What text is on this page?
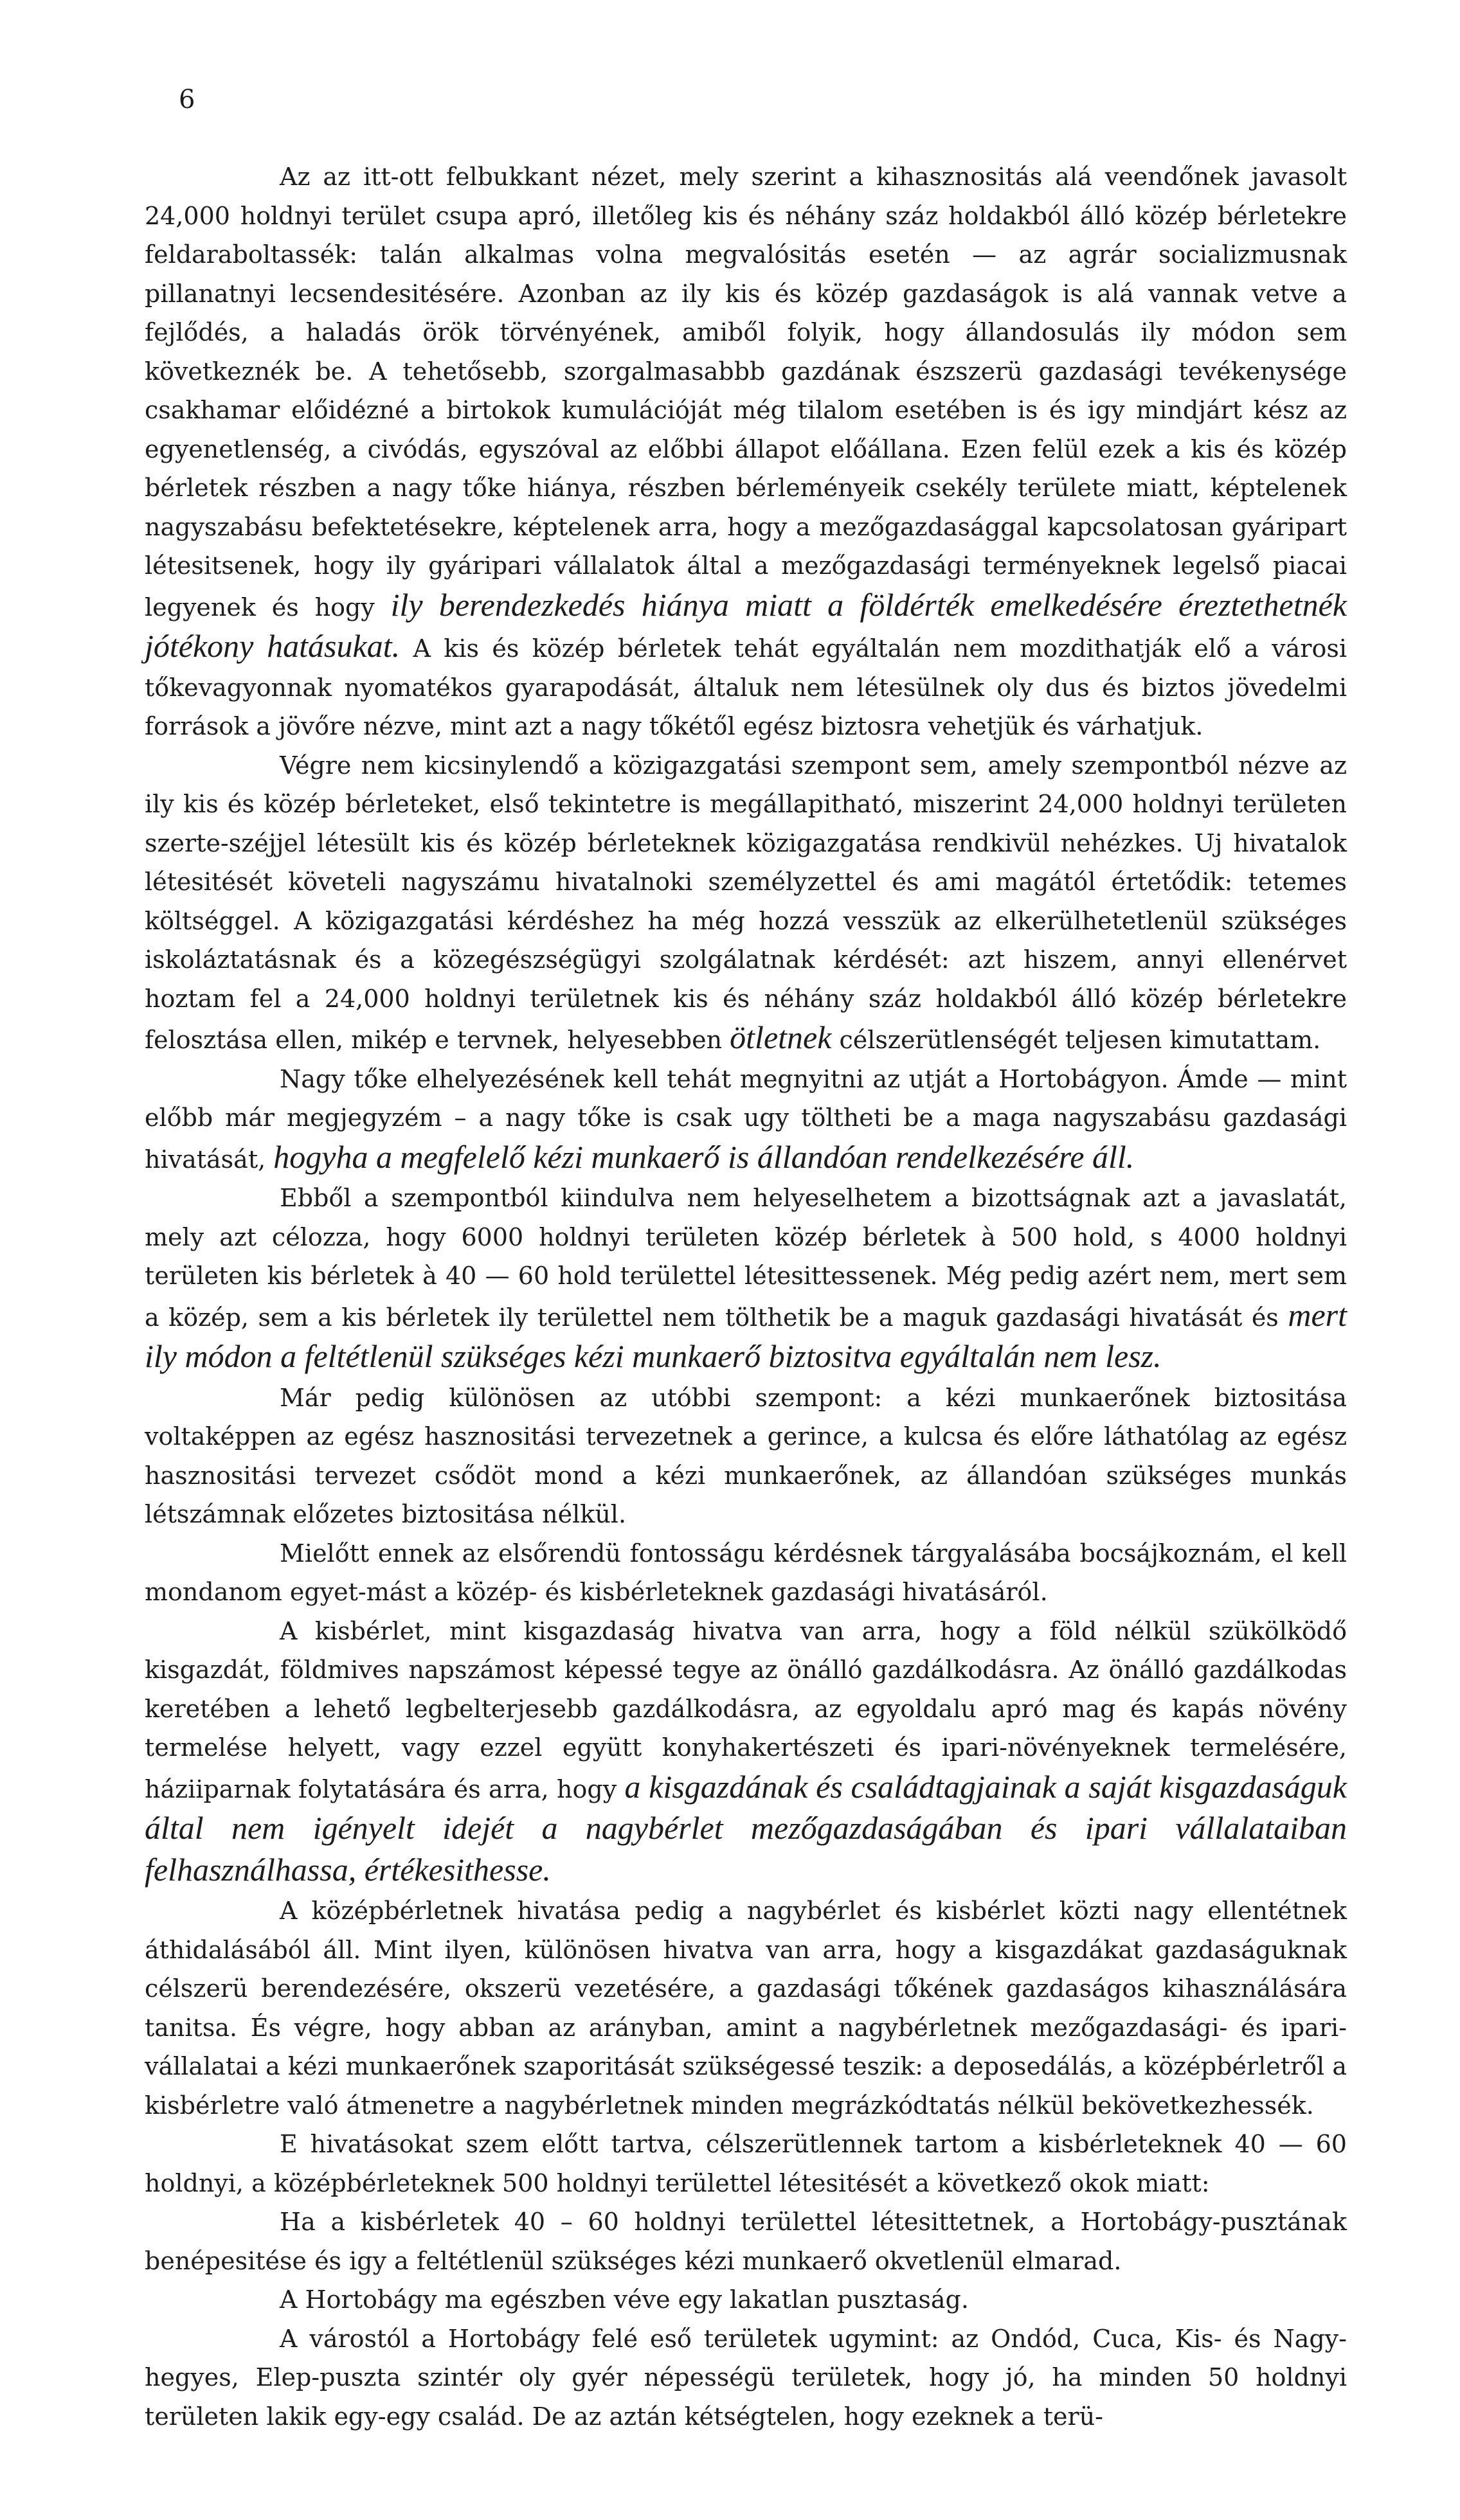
6

Az az itt-ott felbukkant nézet, mely szerint a kihasznositás alá veendőnek javasolt 24,000 holdnyi terület csupa apró, illetőleg kis és néhány száz holdakból álló közép bérletekre feldaraboltassék: talán alkalmas volna megvalósitás esetén — az agrár socializmusnak pillanatnyi lecsendesitésére. Azonban az ily kis és közép gazdaságok is alá vannak vetve a fejlődés, a haladás örök törvényének, amiből folyik, hogy állandosulás ily módon sem következnék be. A tehetősebb, szorgalmasabbb gazdának észszerü gazdasági tevékenysége csakhamar előidézné a birtokok kumulációját még tilalom esetében is és igy mindjárt kész az egyenetlenség, a civódás, egyszóval az előbbi állapot előállana. Ezen felül ezek a kis és közép bérletek részben a nagy tőke hiánya, részben bérleményeik csekély területe miatt, képtelenek nagyszabásu befektetésekre, képtelenek arra, hogy a mezőgazdasággal kapcsolatosan gyáripart létesitsenek, hogy ily gyáripari vállalatok által a mezőgazdasági terményeknek legelső piacai legyenek és hogy ily berendezkedés hiánya miatt a földérték emelkedésére éreztethetnék jótékony hatásukat. A kis és közép bérletek tehát egyáltalán nem mozdithatják elő a városi tőkevagyonnak nyomatékos gyarapodását, általuk nem létesülnek oly dus és biztos jövedelmi források a jövőre nézve, mint azt a nagy tőkétől egész biztosra vehetjük és várhatjuk.

Végre nem kicsinylendő a közigazgatási szempont sem, amely szempontból nézve az ily kis és közép bérleteket, első tekintetre is megállapitható, miszerint 24,000 holdnyi területen szerte-széjjel létesült kis és közép bérleteknek közigazgatása rendkivül nehézkes. Uj hivatalok létesitését követeli nagyszámu hivatalnoki személyzettel és ami magától értetődik: tetemes költséggel. A közigazgatási kérdéshez ha még hozzá vesszük az elkerülhetetlenül szükséges iskoláztatásnak és a közegészségügyi szolgálatnak kérdését: azt hiszem, annyi ellenérvet hoztam fel a 24,000 holdnyi területnek kis és néhány száz holdakból álló közép bérletekre felosztása ellen, mikép e tervnek, helyesebben ötletnek célszerütlenségét teljesen kimutattam.

Nagy tőke elhelyezésének kell tehát megnyitni az utját a Hortobágyon. Ámde — mint előbb már megjegyzém – a nagy tőke is csak ugy töltheti be a maga nagyszabásu gazdasági hivatását, hogyha a megfelelő kézi munkaerő is állandóan rendelkezésére áll.

Ebből a szempontból kiindulva nem helyeselhetem a bizottságnak azt a javaslatát, mely azt célozza, hogy 6000 holdnyi területen közép bérletek à 500 hold, s 4000 holdnyi területen kis bérletek à 40 — 60 hold területtel létesittessenek. Még pedig azért nem, mert sem a közép, sem a kis bérletek ily területtel nem tölthetik be a maguk gazdasági hivatását és mert ily módon a feltétlenül szükséges kézi munkaerő biztositva egyáltalán nem lesz.

Már pedig különösen az utóbbi szempont: a kézi munkaerőnek biztositása voltaképpen az egész hasznositási tervezetnek a gerince, a kulcsa és előre láthatólag az egész hasznositási tervezet csődöt mond a kézi munkaerőnek, az állandóan szükséges munkás létszámnak előzetes biztositása nélkül.

Mielőtt ennek az elsőrendü fontosságu kérdésnek tárgyalásába bocsájkoznám, el kell mondanom egyet-mást a közép- és kisbérleteknek gazdasági hivatásáról.

A kisbérlet, mint kisgazdaság hivatva van arra, hogy a föld nélkül szükölködő kisgazdát, földmives napszámost képessé tegye az önálló gazdálkodásra. Az önálló gazdálkodas keretében a lehető legbelterjesebb gazdálkodásra, az egyoldalu apró mag és kapás növény termelése helyett, vagy ezzel együtt konyhakertészeti és ipari-növényeknek termelésére, háziiparnak folytatására és arra, hogy a kisgazdának és családtagjainak a saját kisgazdaságuk által nem igényelt idejét a nagybérlet mezőgazdaságában és ipari vállalataiban felhasználhassa, értékesithesse.

A középbérletnek hivatása pedig a nagybérlet és kisbérlet közti nagy ellentétnek áthidalásából áll. Mint ilyen, különösen hivatva van arra, hogy a kisgazdákat gazdaságuknak célszerü berendezésére, okszerü vezetésére, a gazdasági tőkének gazdaságos kihasználására tanitsa. És végre, hogy abban az arányban, amint a nagybérletnek mezőgazdasági- és ipari-vállalatai a kézi munkaerőnek szaporitását szükségessé teszik: a deposedálás, a középbérletről a kisbérletre való átmenetre a nagybérletnek minden megrázkódtatás nélkül bekövetkezhessék.

E hivatásokat szem előtt tartva, célszerütlennek tartom a kisbérleteknek 40 — 60 holdnyi, a középbérleteknek 500 holdnyi területtel létesitését a következő okok miatt:

Ha a kisbérletek 40 – 60 holdnyi területtel létesittetnek, a Hortobágy-pusztának benépesitése és igy a feltétlenül szükséges kézi munkaerő okvetlenül elmarad.

A Hortobágy ma egészben véve egy lakatlan pusztaság.

A várostól a Hortobágy felé eső területek ugymint: az Ondód, Cuca, Kis- és Nagy-hegyes, Elep-puszta szintér oly gyér népességü területek, hogy jó, ha minden 50 holdnyi területen lakik egy-egy család. De az aztán kétségtelen, hogy ezeknek a terü-
